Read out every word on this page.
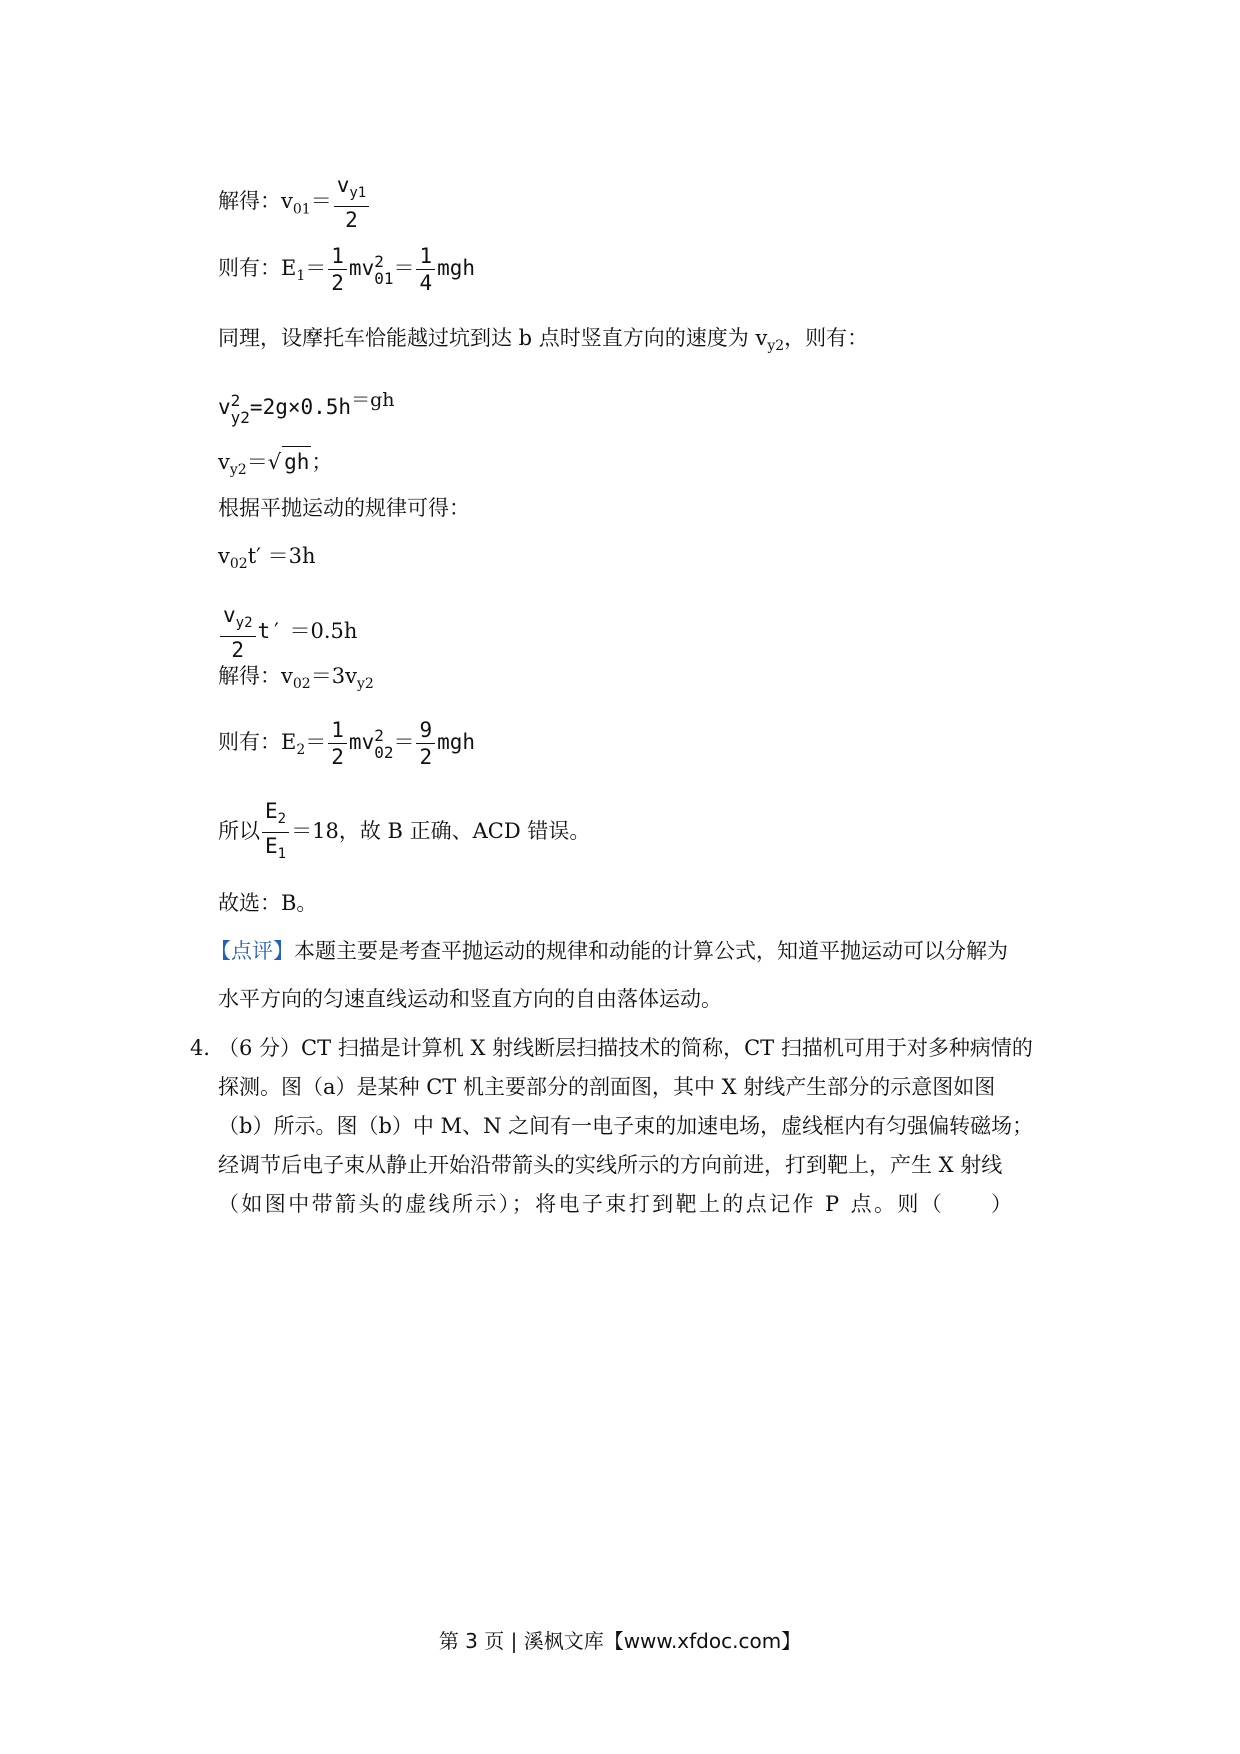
解得：$v_{01}= \frac{v_{y1}}{2}$
则有：$E_1= \frac{1}{2}$ mv 2
$01 = \frac{1}{4}$ mgh
同理，设摩托车恰能越过坑到达 b 点时竖直方向的速度为 $v_{y2}$，则有：
v 2
$y2 =2g\times 0.5h^{=gh}$
$v_{y2}=√$ gh；
根据平抛运动的规律可得：
$v_{02}t' =3h$
$\frac{v_{y2}}{2} t' =0.5h$
解得：$v_{02}=3v_{y2}$
则有：$E_2= \frac{1}{2}$ mv 2
$02 = \frac{9}{2}$ mgh
所以 $\frac{E_2}{E_1} =18$，故 B 正确、ACD 错误。
故选：B。
【点评】本题主要是考查平抛运动的规律和动能的计算公式，知道平抛运动可以分解为
水平方向的匀速直线运动和竖直方向的自由落体运动。
4．
（6 分）CT 扫描是计算机 X 射线断层扫描技术的简称，CT 扫描机可用于对多种病情的
探测。图（a）是某种 CT 机主要部分的剖面图，其中 X 射线产生部分的示意图如图
（b）所示。图（b）中 M、N 之间有一电子束的加速电场，虚线框内有匀强偏转磁场；
经调节后电子束从静止开始沿带箭头的实线所示的方向前进，打到靶上，产生 X 射线
（如图中带箭头的虚线所示）；将电子束打到靶上的点记作 P 点。则（　　）
第 3 页 | 溪枫文库【www.xfdoc.com】
